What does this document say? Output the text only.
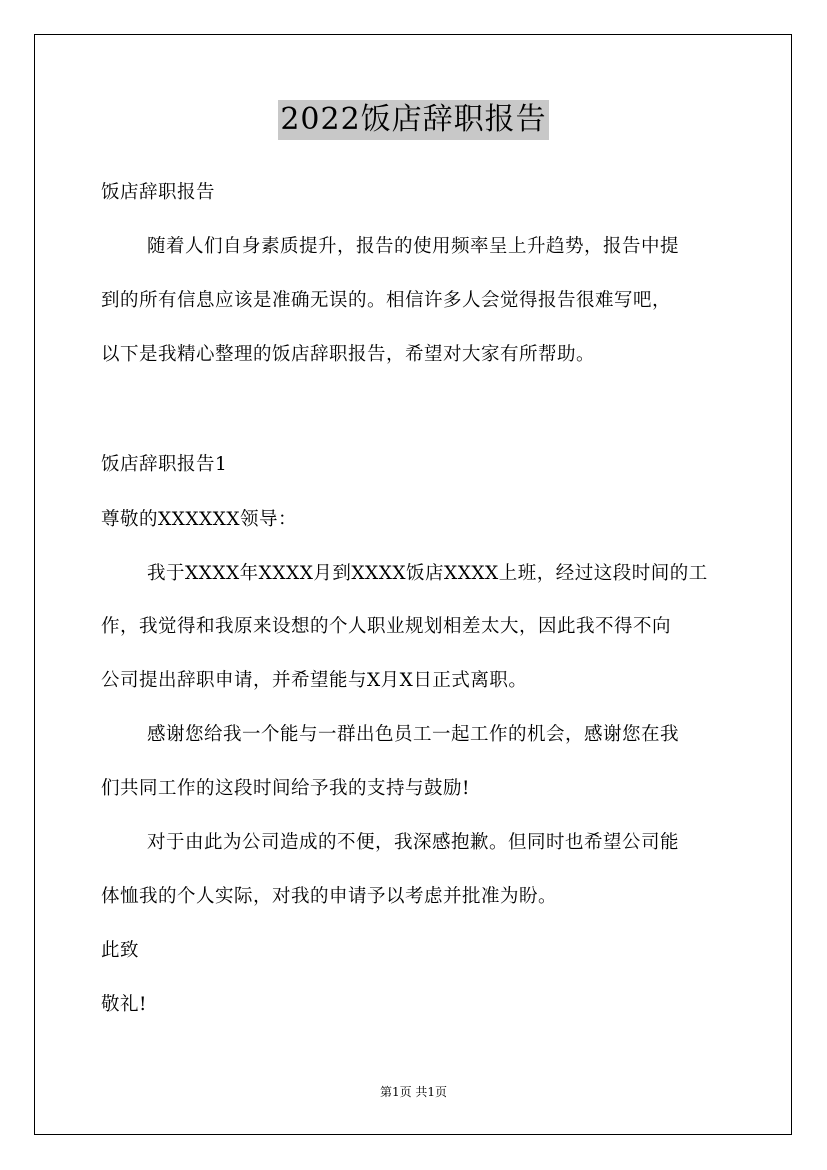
2022饭店辞职报告
饭店辞职报告
随着人们自身素质提升，报告的使用频率呈上升趋势，报告中提
到的所有信息应该是准确无误的。相信许多人会觉得报告很难写吧，
以下是我精心整理的饭店辞职报告，希望对大家有所帮助。
饭店辞职报告1
尊敬的XXXXXX领导：
我于XXXX年XXXX月到XXXX饭店XXXX上班，经过这段时间的工
作，我觉得和我原来设想的个人职业规划相差太大，因此我不得不向
公司提出辞职申请，并希望能与X月X日正式离职。
感谢您给我一个能与一群出色员工一起工作的机会，感谢您在我
们共同工作的这段时间给予我的支持与鼓励!
对于由此为公司造成的不便，我深感抱歉。但同时也希望公司能
体恤我的个人实际，对我的申请予以考虑并批准为盼。
此致
敬礼!
第1页 共1页
